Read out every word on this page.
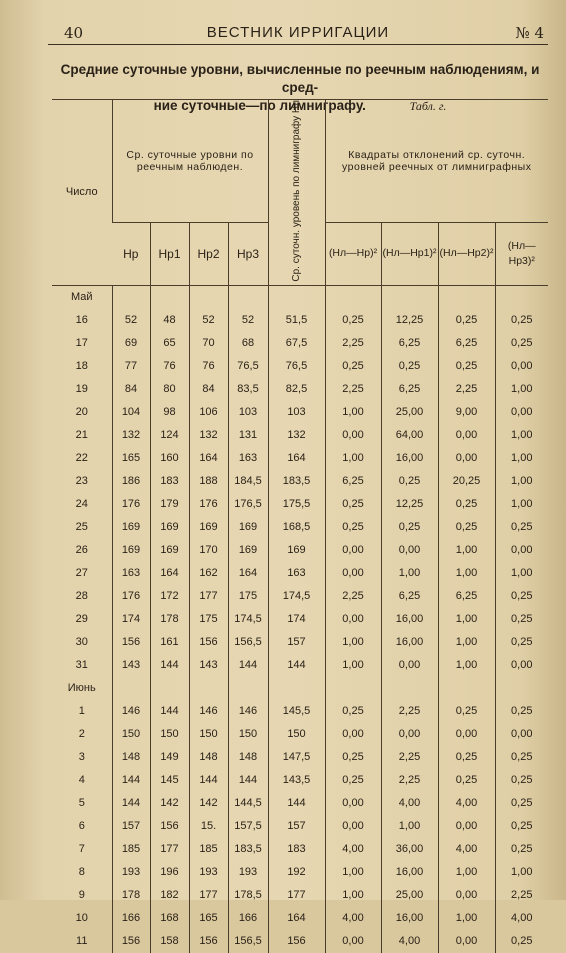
40	ВЕСТНИК ИРРИГАЦИИ	№ 4
Средние суточные уровни, вычисленные по реечным наблюдениям, и сред-
ние суточные—по лимниграфу.	Табл. г.
Число	Ср. суточные уровни по реечным наблюден.				Ср. суточн. уровень по лимниграфу Hл	Квадраты отклонений ср. суточн. уровней реечных от лимниграфных			
	Hр	Hр1	Hр2	Hр3		(Hл—Hр)²	(Hл—Hр1)²	(Hл—Hр2)²	(Hл—Hр3)²
Май									
16	52	48	52	52	51,5	0,25	12,25	0,25	0,25
17	69	65	70	68	67,5	2,25	6,25	6,25	0,25
18	77	76	76	76,5	76,5	0,25	0,25	0,25	0,00
19	84	80	84	83,5	82,5	2,25	6,25	2,25	1,00
20	104	98	106	103	103	1,00	25,00	9,00	0,00
21	132	124	132	131	132	0,00	64,00	0,00	1,00
22	165	160	164	163	164	1,00	16,00	0,00	1,00
23	186	183	188	184,5	183,5	6,25	0,25	20,25	1,00
24	176	179	176	176,5	175,5	0,25	12,25	0,25	1,00
25	169	169	169	169	168,5	0,25	0,25	0,25	0,25
26	169	169	170	169	169	0,00	0,00	1,00	0,00
27	163	164	162	164	163	0,00	1,00	1,00	1,00
28	176	172	177	175	174,5	2,25	6,25	6,25	0,25
29	174	178	175	174,5	174	0,00	16,00	1,00	0,25
30	156	161	156	156,5	157	1,00	16,00	1,00	0,25
31	143	144	143	144	144	1,00	0,00	1,00	0,00
Июнь									
1	146	144	146	146	145,5	0,25	2,25	0,25	0,25
2	150	150	150	150	150	0,00	0,00	0,00	0,00
3	148	149	148	148	147,5	0,25	2,25	0,25	0,25
4	144	145	144	144	143,5	0,25	2,25	0,25	0,25
5	144	142	142	144,5	144	0,00	4,00	4,00	0,25
6	157	156	15.	157,5	157	0,00	1,00	0,00	0,25
7	185	177	185	183,5	183	4,00	36,00	4,00	0,25
8	193	196	193	193	192	1,00	16,00	1,00	1,00
9	178	182	177	178,5	177	1,00	25,00	0,00	2,25
10	166	168	165	166	164	4,00	16,00	1,00	4,00
11	156	158	156	156,5	156	0,00	4,00	0,00	0,25
